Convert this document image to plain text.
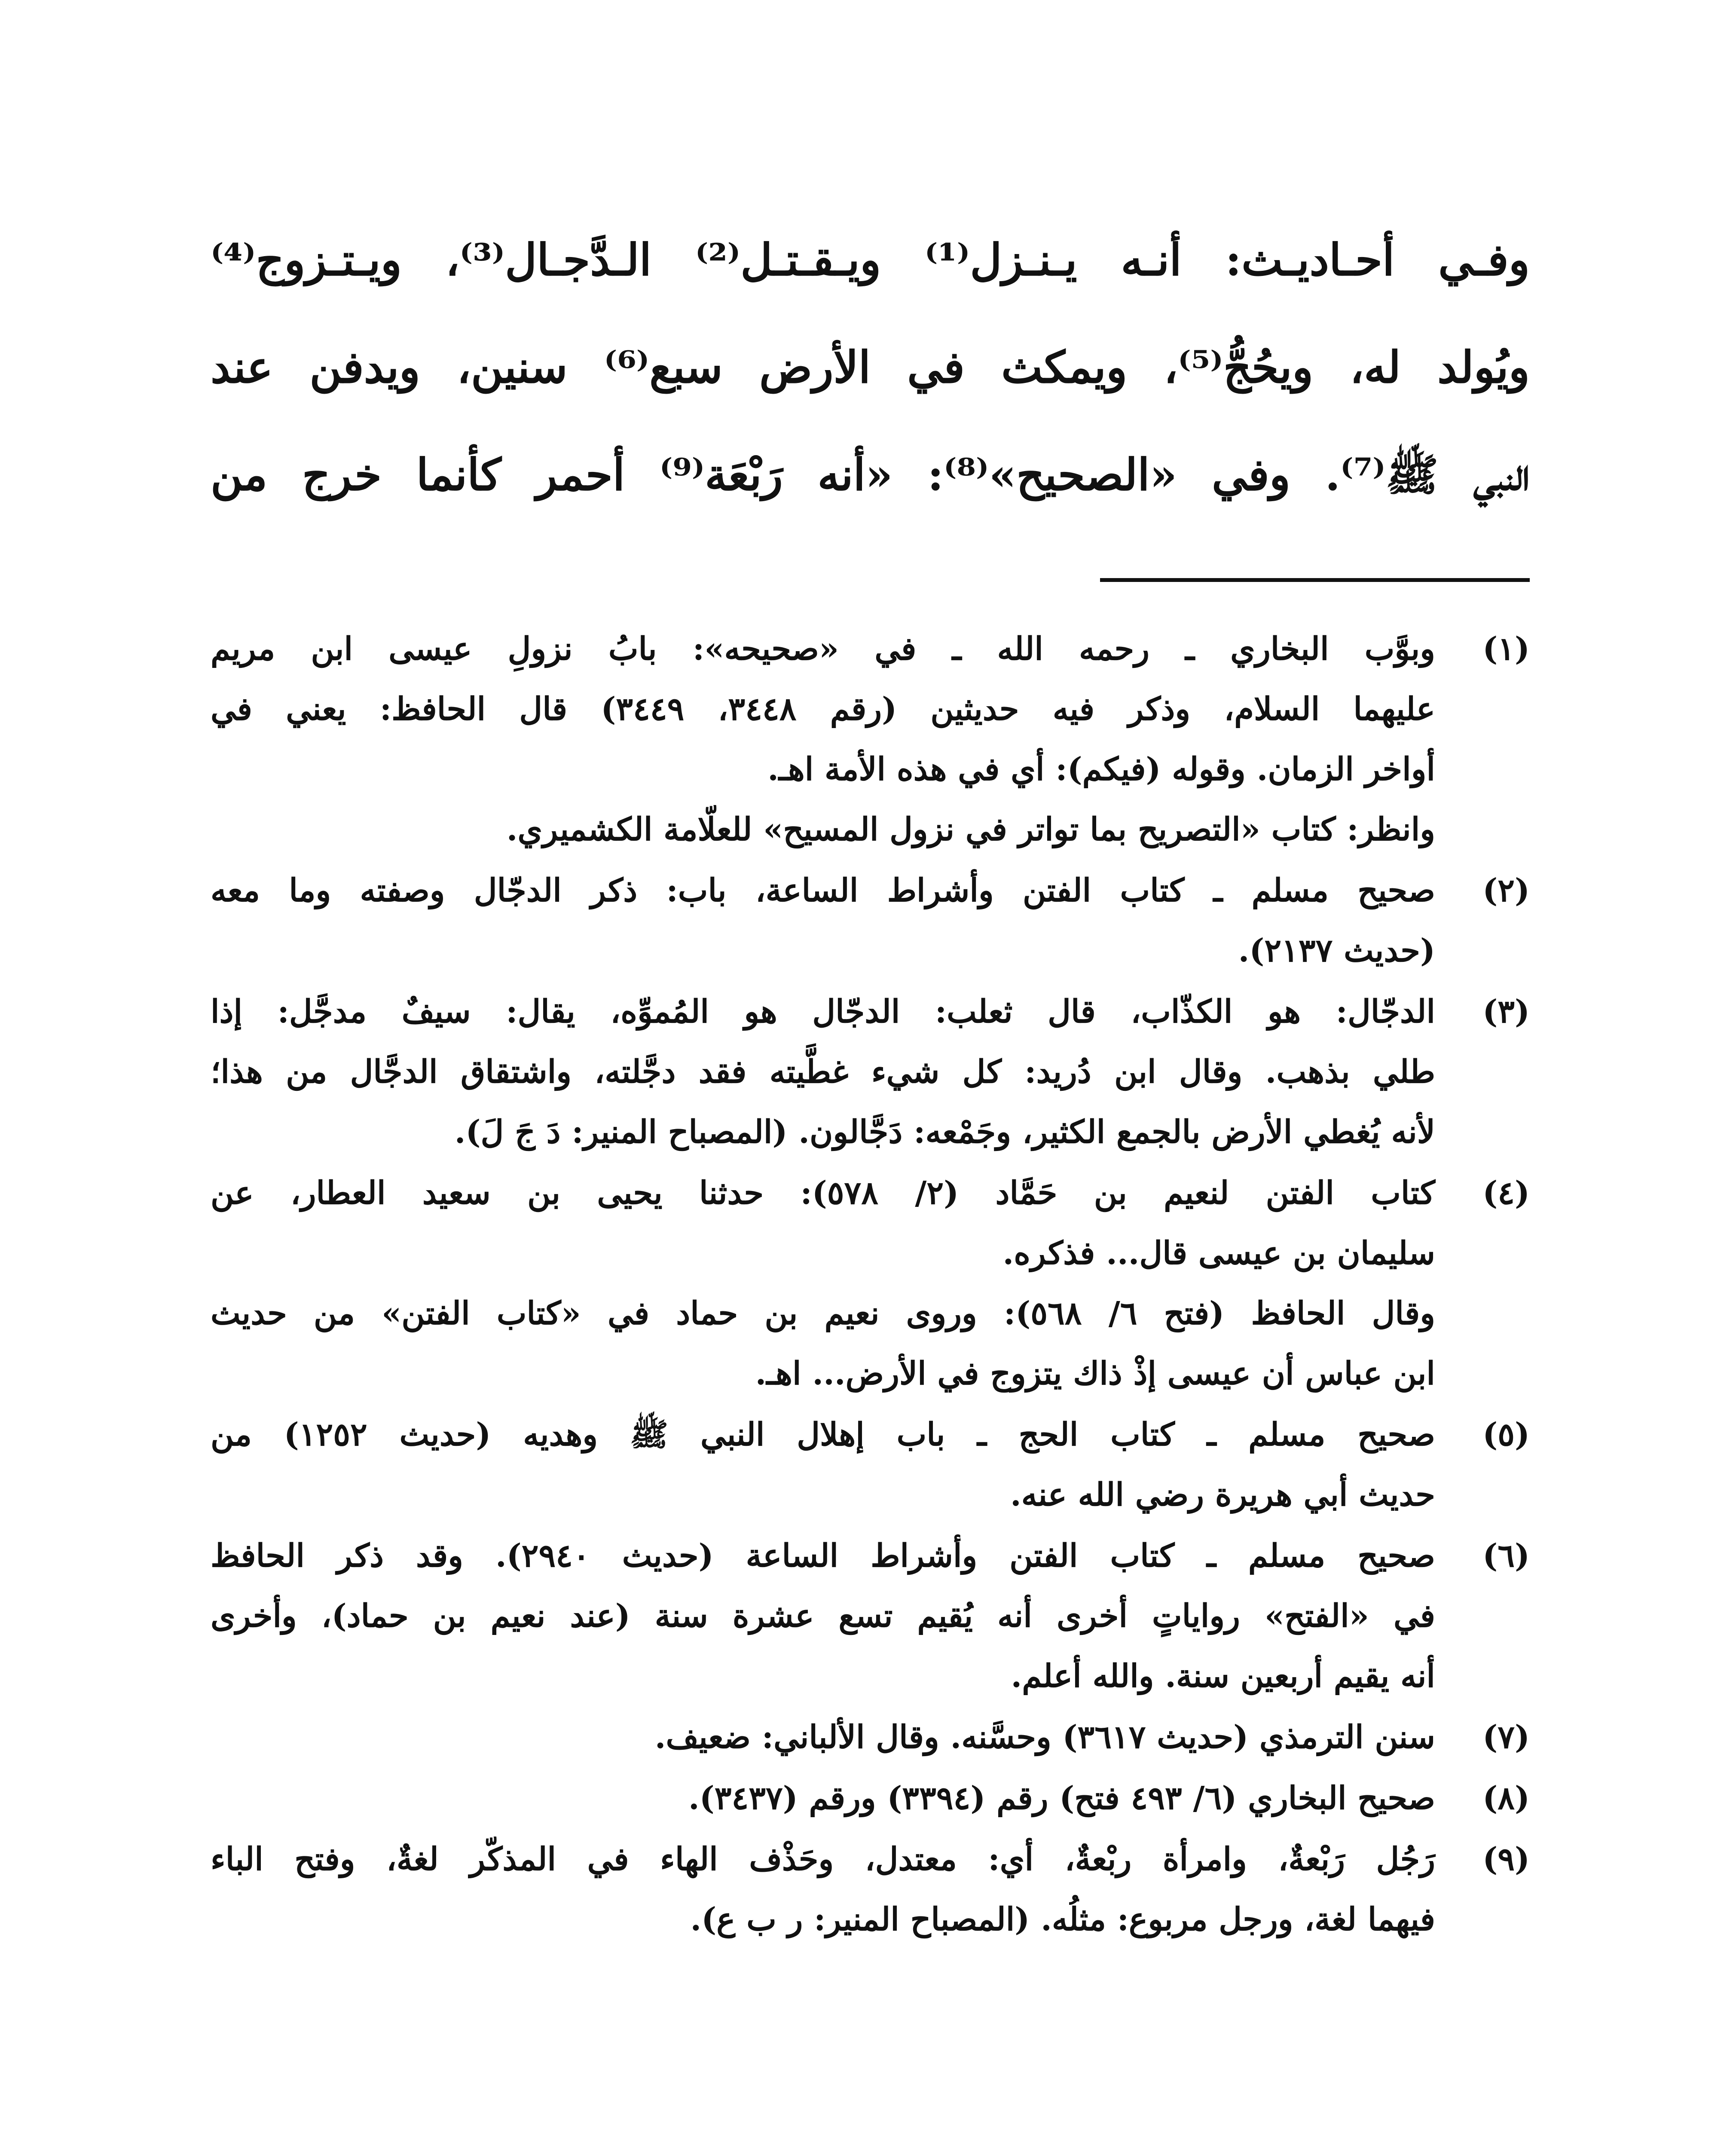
وفـي أحـاديـث: أنـه يـنـزل⁽¹⁾ ويـقـتـل⁽²⁾ الـدَّجـال⁽³⁾، ويـتـزوج⁽⁴⁾
ويُولد له، ويحُجُّ⁽⁵⁾، ويمكث في الأرض سبع⁽⁶⁾ سنين، ويدفن عند
النبي ﷺ⁽⁷⁾. وفي «الصحيح»⁽⁸⁾: «أنه رَبْعَة⁽⁹⁾ أحمر كأنما خرج من
(١)
وبوَّب البخاري ـ رحمه الله ـ في «صحيحه»: بابُ نزولِ عيسى ابن مريم
عليهما السلام، وذكر فيه حديثين (رقم ٣٤٤٨، ٣٤٤٩) قال الحافظ: يعني في
أواخر الزمان. وقوله (فيكم): أي في هذه الأمة اهـ.
وانظر: كتاب «التصريح بما تواتر في نزول المسيح» للعلّامة الكشميري.
(٢)
صحيح مسلم ـ كتاب الفتن وأشراط الساعة، باب: ذكر الدجّال وصفته وما معه
(حديث ٢١٣٧).
(٣)
الدجّال: هو الكذّاب، قال ثعلب: الدجّال هو المُموِّه، يقال: سيفٌ مدجَّل: إذا
طلي بذهب. وقال ابن دُريد: كل شيء غطَّيته فقد دجَّلته، واشتقاق الدجَّال من هذا؛
لأنه يُغطي الأرض بالجمع الكثير، وجَمْعه: دَجَّالون. (المصباح المنير: دَ جَ لَ).
(٤)
كتاب الفتن لنعيم بن حَمَّاد (٢/ ٥٧٨): حدثنا يحيى بن سعيد العطار، عن
سليمان بن عيسى قال... فذكره.
وقال الحافظ (فتح ٦/ ٥٦٨): وروى نعيم بن حماد في «كتاب الفتن» من حديث
ابن عباس أن عيسى إذْ ذاك يتزوج في الأرض... اهـ.
(٥)
صحيح مسلم ـ كتاب الحج ـ باب إهلال النبي ﷺ وهديه (حديث ١٢٥٢) من
حديث أبي هريرة رضي الله عنه.
(٦)
صحيح مسلم ـ كتاب الفتن وأشراط الساعة (حديث ٢٩٤٠). وقد ذكر الحافظ
في «الفتح» رواياتٍ أخرى أنه يُقيم تسع عشرة سنة (عند نعيم بن حماد)، وأخرى
أنه يقيم أربعين سنة. والله أعلم.
(٧)
سنن الترمذي (حديث ٣٦١٧) وحسَّنه. وقال الألباني: ضعيف.
(٨)
صحيح البخاري (٦/ ٤٩٣ فتح) رقم (٣٣٩٤) ورقم (٣٤٣٧).
(٩)
رَجُل رَبْعةٌ، وامرأة ربْعةٌ، أي: معتدل، وحَذْف الهاء في المذكّر لغةٌ، وفتح الباء
فيهما لغة، ورجل مربوع: مثلُه. (المصباح المنير: ر ب ع).
